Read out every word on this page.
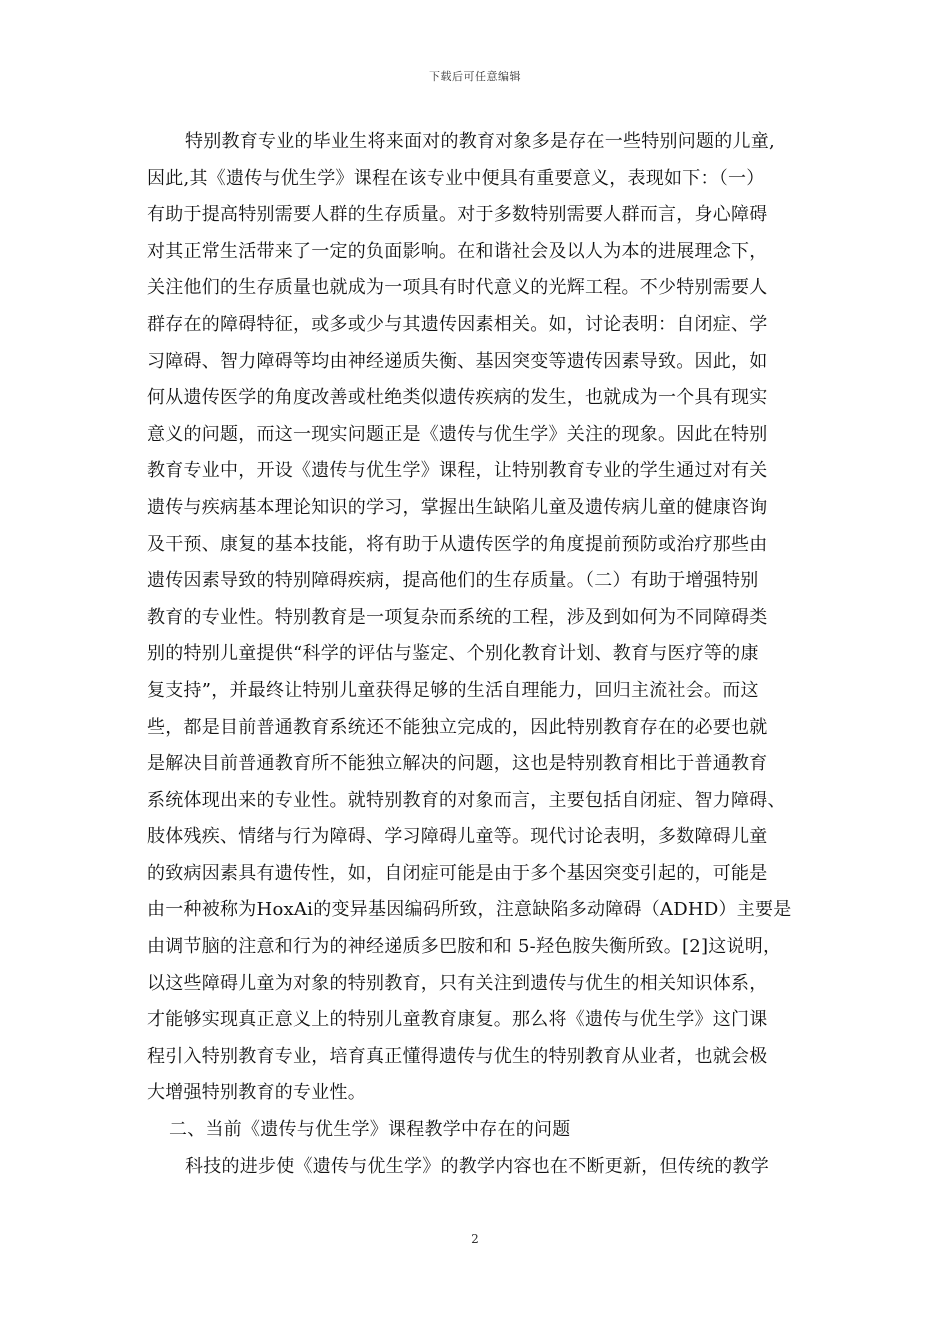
下载后可任意编辑
特别教育专业的毕业生将来面对的教育对象多是存在一些特别问题的儿童,
因此,其《遗传与优生学》课程在该专业中便具有重要意义，表现如下：（一）
有助于提高特别需要人群的生存质量。对于多数特别需要人群而言，身心障碍
对其正常生活带来了一定的负面影响。在和谐社会及以人为本的进展理念下，
关注他们的生存质量也就成为一项具有时代意义的光辉工程。不少特别需要人
群存在的障碍特征，或多或少与其遗传因素相关。如，讨论表明：自闭症、学
习障碍、智力障碍等均由神经递质失衡、基因突变等遗传因素导致。因此，如
何从遗传医学的角度改善或杜绝类似遗传疾病的发生，也就成为一个具有现实
意义的问题，而这一现实问题正是《遗传与优生学》关注的现象。因此在特别
教育专业中，开设《遗传与优生学》课程，让特别教育专业的学生通过对有关
遗传与疾病基本理论知识的学习，掌握出生缺陷儿童及遗传病儿童的健康咨询
及干预、康复的基本技能，将有助于从遗传医学的角度提前预防或治疗那些由
遗传因素导致的特别障碍疾病，提高他们的生存质量。（二）有助于增强特别
教育的专业性。特别教育是一项复杂而系统的工程，涉及到如何为不同障碍类
别的特别儿童提供“科学的评估与鉴定、个别化教育计划、教育与医疗等的康
复支持”，并最终让特别儿童获得足够的生活自理能力，回归主流社会。而这
些，都是目前普通教育系统还不能独立完成的，因此特别教育存在的必要也就
是解决目前普通教育所不能独立解决的问题，这也是特别教育相比于普通教育
系统体现出来的专业性。就特别教育的对象而言，主要包括自闭症、智力障碍、
肢体残疾、情绪与行为障碍、学习障碍儿童等。现代讨论表明，多数障碍儿童
的致病因素具有遗传性，如，自闭症可能是由于多个基因突变引起的，可能是
由一种被称为HoxAi的变异基因编码所致，注意缺陷多动障碍（ADHD）主要是
由调节脑的注意和行为的神经递质多巴胺和和 5-羟色胺失衡所致。[2]这说明，
以这些障碍儿童为对象的特别教育，只有关注到遗传与优生的相关知识体系，
才能够实现真正意义上的特别儿童教育康复。那么将《遗传与优生学》这门课
程引入特别教育专业，培育真正懂得遗传与优生的特别教育从业者，也就会极
大增强特别教育的专业性。
二、当前《遗传与优生学》课程教学中存在的问题
科技的进步使《遗传与优生学》的教学内容也在不断更新，但传统的教学
2
